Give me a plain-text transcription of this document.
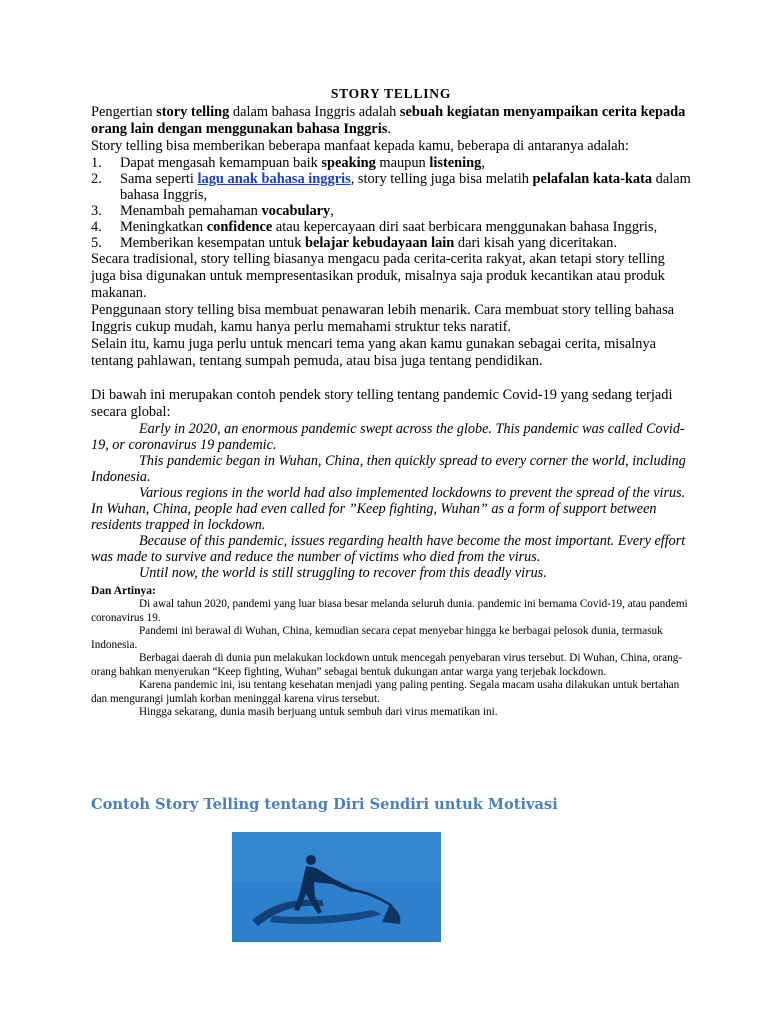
STORY TELLING

Pengertian story telling dalam bahasa Inggris adalah sebuah kegiatan menyampaikan cerita kepada orang lain dengan menggunakan bahasa Inggris.

Story telling bisa memberikan beberapa manfaat kepada kamu, beberapa di antaranya adalah:

1.	Dapat mengasah kemampuan baik speaking maupun listening,
2.	Sama seperti lagu anak bahasa inggris, story telling juga bisa melatih pelafalan kata-kata dalam bahasa Inggris,
3.	Menambah pemahaman vocabulary,
4.	Meningkatkan confidence atau kepercayaan diri saat berbicara menggunakan bahasa Inggris,
5.	Memberikan kesempatan untuk belajar kebudayaan lain dari kisah yang diceritakan.

Secara tradisional, story telling biasanya mengacu pada cerita-cerita rakyat, akan tetapi story telling juga bisa digunakan untuk mempresentasikan produk, misalnya saja produk kecantikan atau produk makanan.

Penggunaan story telling bisa membuat penawaran lebih menarik. Cara membuat story telling bahasa Inggris cukup mudah, kamu hanya perlu memahami struktur teks naratif.

Selain itu, kamu juga perlu untuk mencari tema yang akan kamu gunakan sebagai cerita, misalnya tentang pahlawan, tentang sumpah pemuda, atau bisa juga tentang pendidikan.

Di bawah ini merupakan contoh pendek story telling tentang pandemic Covid-19 yang sedang terjadi secara global:

Early in 2020, an enormous pandemic swept across the globe. This pandemic was called Covid-19, or coronavirus 19 pandemic.

This pandemic began in Wuhan, China, then quickly spread to every corner the world, including Indonesia.

Various regions in the world had also implemented lockdowns to prevent the spread of the virus. In Wuhan, China, people had even called for ”Keep fighting, Wuhan” as a form of support between residents trapped in lockdown.

Because of this pandemic, issues regarding health have become the most important. Every effort was made to survive and reduce the number of victims who died from the virus.

Until now, the world is still struggling to recover from this deadly virus.

Dan Artinya:

Di awal tahun 2020, pandemi yang luar biasa besar melanda seluruh dunia. pandemic ini bernama Covid-19, atau pandemi coronavirus 19.

Pandemi ini berawal di Wuhan, China, kemudian secara cepat menyebar hingga ke berbagai pelosok dunia, termasuk Indonesia.

Berbagai daerah di dunia pun melakukan lockdown untuk mencegah penyebaran virus tersebut. Di Wuhan, China, orang-orang bahkan menyerukan “Keep fighting, Wuhan” sebagai bentuk dukungan antar warga yang terjebak lockdown.

Karena pandemic ini, isu tentang kesehatan menjadi yang paling penting. Segala macam usaha dilakukan untuk bertahan dan mengurangi jumlah korban meninggal karena virus tersebut.

Hingga sekarang, dunia masih berjuang untuk sembuh dari virus mematikan ini.

Contoh Story Telling tentang Diri Sendiri untuk Motivasi
